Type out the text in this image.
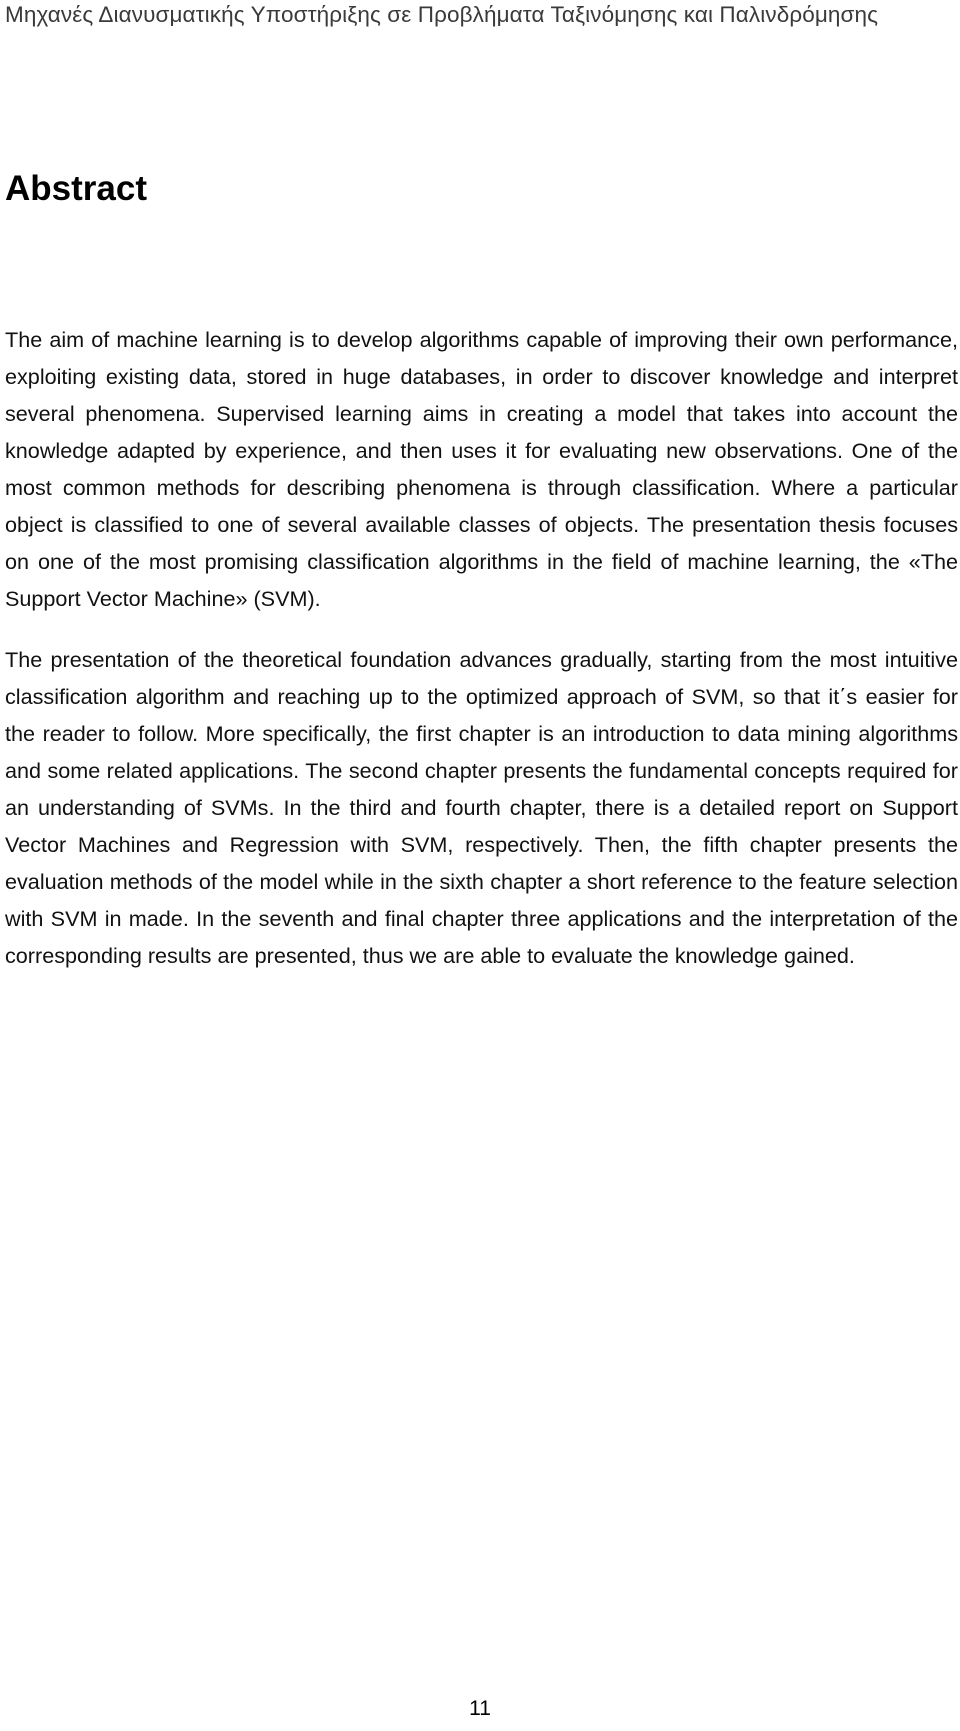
Μηχανές Διανυσματικής Υποστήριξης σε Προβλήματα Ταξινόμησης και Παλινδρόμησης
Abstract

The aim of machine learning is to develop algorithms capable of improving their own performance, exploiting existing data, stored in huge databases, in order to discover knowledge and interpret several phenomena. Supervised learning aims in creating a model that takes into account the knowledge adapted by experience, and then uses it for evaluating new observations. One of the most common methods for describing phenomena is through classification. Where a particular object is classified to one of several available classes of objects. The presentation thesis focuses on one of the most promising classification algorithms in the field of machine learning, the «The Support Vector Machine» (SVM).

The presentation of the theoretical foundation advances gradually, starting from the most intuitive classification algorithm and reaching up to the optimized approach of SVM, so that it΄s easier for the reader to follow. More specifically, the first chapter is an introduction to data mining algorithms and some related applications. The second chapter presents the fundamental concepts required for an understanding of SVMs. In the third and fourth chapter, there is a detailed report on Support Vector Machines and Regression with SVM, respectively. Then, the fifth chapter presents the evaluation methods of the model while in the sixth chapter a short reference to the feature selection with SVM in made. In the seventh and final chapter three applications and the interpretation of the corresponding results are presented, thus we are able to evaluate the knowledge gained.

11
